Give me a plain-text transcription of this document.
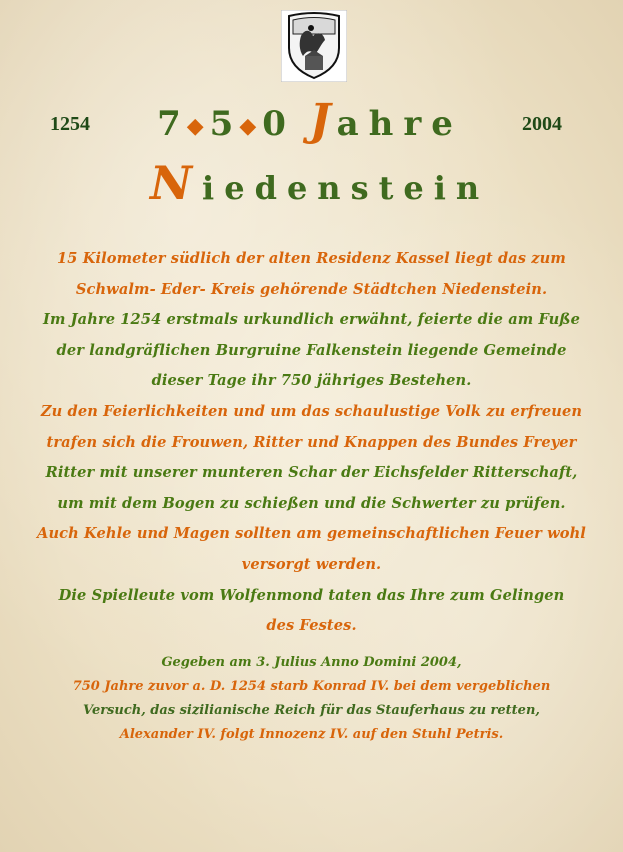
1254	2004
7◆5◆0 Jahre
Niedenstein
15 Kilometer südlich der alten Residenz Kassel liegt das zum
Schwalm- Eder- Kreis gehörende Städtchen Niedenstein.
Im Jahre 1254 erstmals urkundlich erwähnt, feierte die am Fuße
der landgräflichen Burgruine Falkenstein liegende Gemeinde
dieser Tage ihr 750 jähriges Bestehen.
Zu den Feierlichkeiten und um das schaulustige Volk zu erfreuen
trafen sich die Frouwen, Ritter und Knappen des Bundes Freyer
Ritter mit unserer munteren Schar der Eichsfelder Ritterschaft,
um mit dem Bogen zu schießen und die Schwerter zu prüfen.
Auch Kehle und Magen sollten am gemeinschaftlichen Feuer wohl
versorgt werden.
Die Spielleute vom Wolfenmond taten das Ihre zum Gelingen
des Festes.
Gegeben am 3. Julius Anno Domini 2004,
750 Jahre zuvor a. D. 1254 starb Konrad IV. bei dem vergeblichen
Versuch, das sizilianische Reich für das Stauferhaus zu retten,
Alexander IV. folgt Innozenz IV. auf den Stuhl Petris.
